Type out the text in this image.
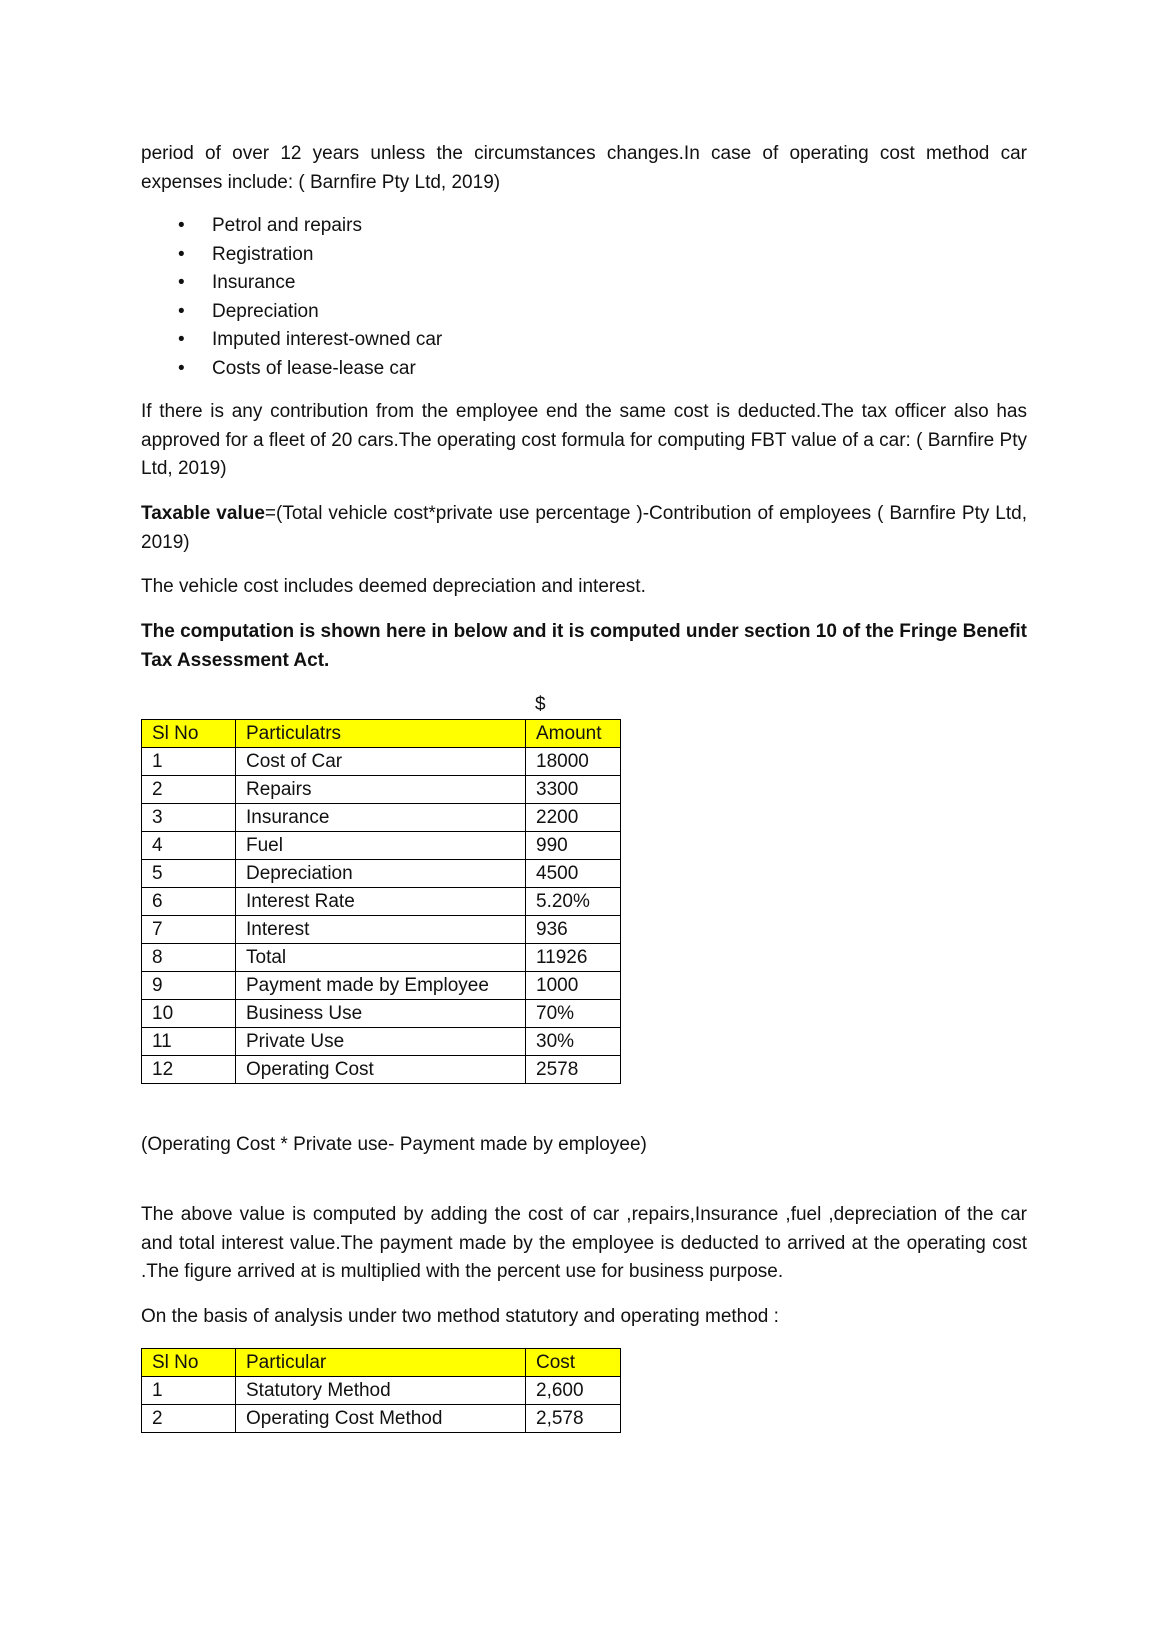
period of over 12 years unless the circumstances changes.In case of operating cost method car expenses include: ( Barnfire Pty Ltd, 2019)

• Petrol and repairs
• Registration
• Insurance
• Depreciation
• Imputed interest-owned car
• Costs of lease-lease car

If there is any contribution from the employee end the same cost is deducted.The tax officer also has approved for a fleet of 20 cars.The operating cost formula for computing FBT value of a car: ( Barnfire Pty Ltd, 2019)

Taxable value=(Total vehicle cost*private use percentage )-Contribution of employees ( Barnfire Pty Ltd, 2019)

The vehicle cost includes deemed depreciation and interest.

The computation is shown here in below and it is computed under section 10 of the Fringe Benefit Tax Assessment Act.

$
Sl No	Particulatrs	Amount
1	Cost of Car	18000
2	Repairs	3300
3	Insurance	2200
4	Fuel	990
5	Depreciation	4500
6	Interest Rate	5.20%
7	Interest	936
8	Total	11926
9	Payment made by Employee	1000
10	Business Use	70%
11	Private Use	30%
12	Operating Cost	2578

(Operating Cost * Private use- Payment made by employee)

The above value is computed by adding the cost of car ,repairs,Insurance ,fuel ,depreciation of the car and total interest value.The payment made by the employee is deducted to arrived at the operating cost .The figure arrived at is multiplied with the percent use for business purpose.

On the basis of analysis under two method statutory and operating method :

Sl No	Particular	Cost
1	Statutory Method	2,600
2	Operating Cost Method	2,578
